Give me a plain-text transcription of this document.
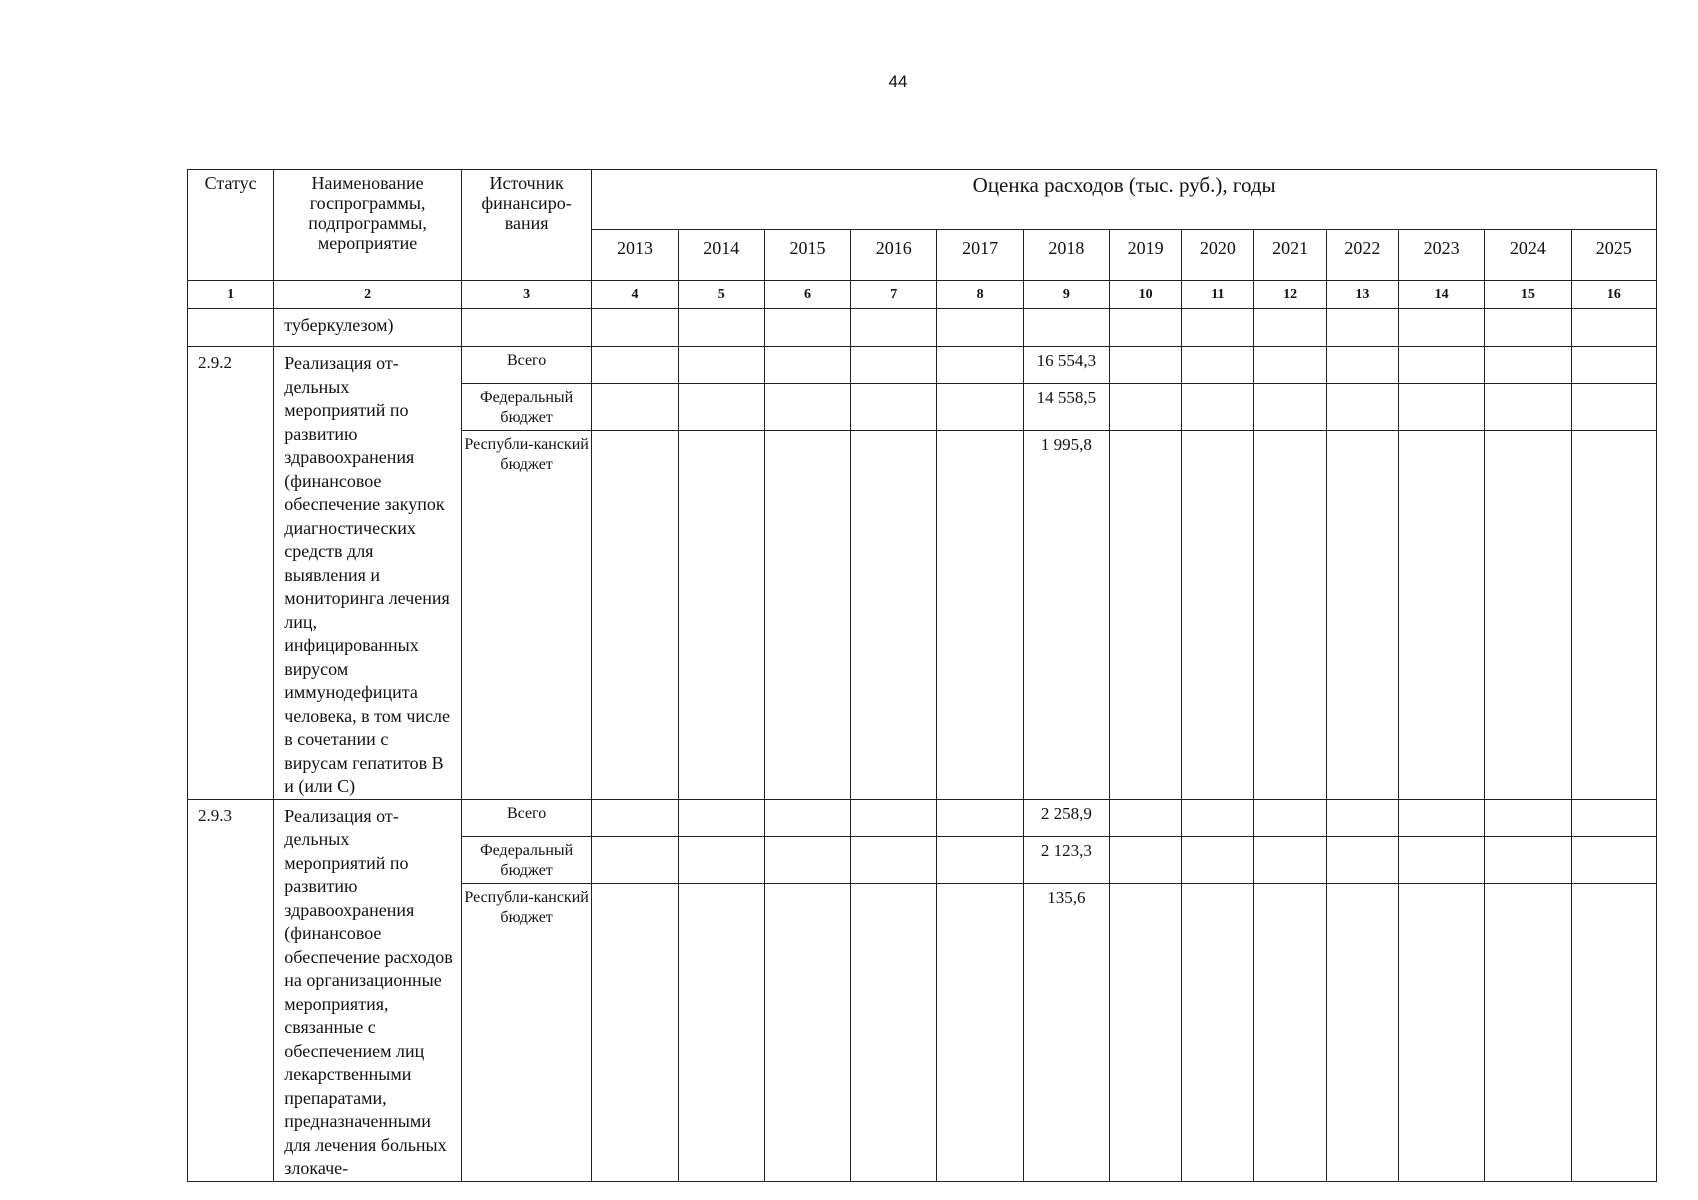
44
Статус	Наименование госпрограммы, подпрограммы, мероприятие	Источник финансиро-вания	Оценка расходов (тыс. руб.), годы												
			2013	2014	2015	2016	2017	2018	2019	2020	2021	2022	2023	2024	2025
1	2	3	4	5	6	7	8	9	10	11	12	13	14	15	16
	туберкулезом)														
2.9.2	Реализация от-дельных мероприятий по развитию здравоохранения (финансовое обеспечение закупок диагностических средств для выявления и мониторинга лечения лиц, инфицированных вирусом иммунодефицита человека, в том числе в сочетании с вирусам гепатитов В и (или С)	Всего						16 554,3							
		Федеральный бюджет						14 558,5							
		Республи-канский бюджет						1 995,8							
2.9.3	Реализация от-дельных мероприятий по развитию здравоохранения (финансовое обеспечение расходов на организационные мероприятия, связанные с обеспечением лиц лекарственными препаратами, предназначенными для лечения больных злокаче-	Всего						2 258,9							
		Федеральный бюджет						2 123,3							
		Республи-канский бюджет						135,6							
